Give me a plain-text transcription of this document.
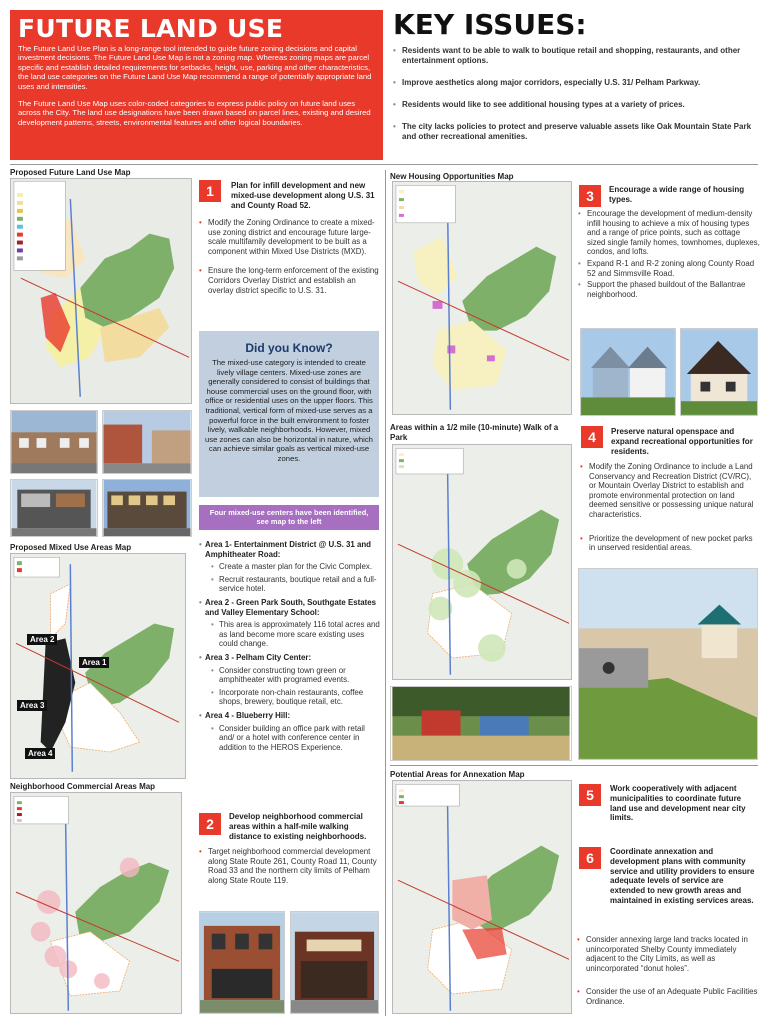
FUTURE LAND USE

The Future Land Use Plan is a long-range tool intended to guide future zoning decisions and capital investment decisions. The Future Land Use Map is not a zoning map. Whereas zoning maps are parcel specific and establish detailed requirements for setbacks, height, use, parking and other characteristics, the land use categories on the Future Land Use Map recommend a range of potentially appropriate land uses and intensities.

The Future Land Use Map uses color-coded categories to express public policy on future land uses across the City. The land use designations have been drawn based on parcel lines, existing and desired development patterns, streets, environmental features and other logical boundaries.

KEY ISSUES:
• Residents want to be able to walk to boutique retail and shopping, restaurants, and other entertainment options.
• Improve aesthetics along major corridors, especially U.S. 31/ Pelham Parkway.
• Residents would like to see additional housing types at a variety of prices.
• The city lacks policies to protect and preserve valuable assets like Oak Mountain State Park and other recreational amenities.
Proposed Future Land Use Map
Proposed Mixed Use Areas Map
Area 2
Area 1
Area 3
Area 4
Neighborhood Commercial Areas Map
1	Plan for infill development and new mixed-use development along U.S. 31 and County Road 52.
• Modify the Zoning Ordinance to create a mixed-use zoning district and encourage future large-scale multifamily development to be built as a component within Mixed Use Districts (MXD).
• Ensure the long-term enforcement of the existing Corridors Overlay District and establish an overlay district specific to U.S. 31.
Did you Know?

The mixed-use category is intended to create lively village centers. Mixed-use zones are generally considered to consist of buildings that house commercial uses on the ground floor, with office or residential uses on the upper floors. This traditional, vertical form of mixed-use serves as a powerful force in the built environment to foster lively, walkable neighborhoods. However, mixed use zones can also be horizontal in nature, which can achieve similar goals as vertical mixed-use zones.

Four mixed-use centers have been identified, see map to the left
• Area 1- Entertainment District @ U.S. 31 and Amphitheater Road:
• Create a master plan for the Civic Complex.
• Recruit restaurants, boutique retail and a full-service hotel.
• Area 2 - Green Park South, Southgate Estates and Valley Elementary School:
• This area is approximately 116 total acres and as land become more scare existing uses could change.
• Area 3 - Pelham City Center:
• Consider constructing town green or amphitheater with programed events.
• Incorporate non-chain restaurants, coffee shops, brewery, boutique retail, etc.
• Area 4 - Blueberry Hill:
• Consider building an office park with retail and/ or a hotel with conference center in addition to the HEROS Experience.
2	Develop neighborhood commercial areas within a half-mile walking distance to existing neighborhoods.
• Target neighborhood commercial development along State Route 261, County Road 11, County Road 33 and the northern city limits of Pelham along State Route 119.
New Housing Opportunities Map
3	Encourage a wide range of housing types.
• Encourage the development of medium-density infill housing to achieve a mix of housing types and a range of price points, such as cottage sized single family homes, townhomes, duplexes, condos, and lofts.
• Expand R-1 and R-2 zoning along County Road 52 and Simmsville Road.
• Support the phased buildout of the Ballantrae neighborhood.
Areas within a 1/2 mile (10-minute) Walk of a Park	4	Preserve natural openspace and expand recreational opportunities for residents.
• Modify the Zoning Ordinance to include a Land Conservancy and Recreation District (CV/RC), or Mountain Overlay District to establish and promote environmental protection on land deemed sensitive or possessing unique natural characteristics.
• Prioritize the development of new pocket parks in unserved residential areas.
Potential Areas for Annexation Map
5	Work cooperatively with adjacent municipalities to coordinate future land use and development near city limits.
6	Coordinate annexation and development plans with community service and utility providers to ensure adequate levels of service are extended to new growth areas and maintained in existing services areas.
• Consider annexing large land tracks located in unincorporated Shelby County immediately adjacent to the City Limits, as well as unincorporated “donut holes”.
• Consider the use of an Adequate Public Facilities Ordinance.
